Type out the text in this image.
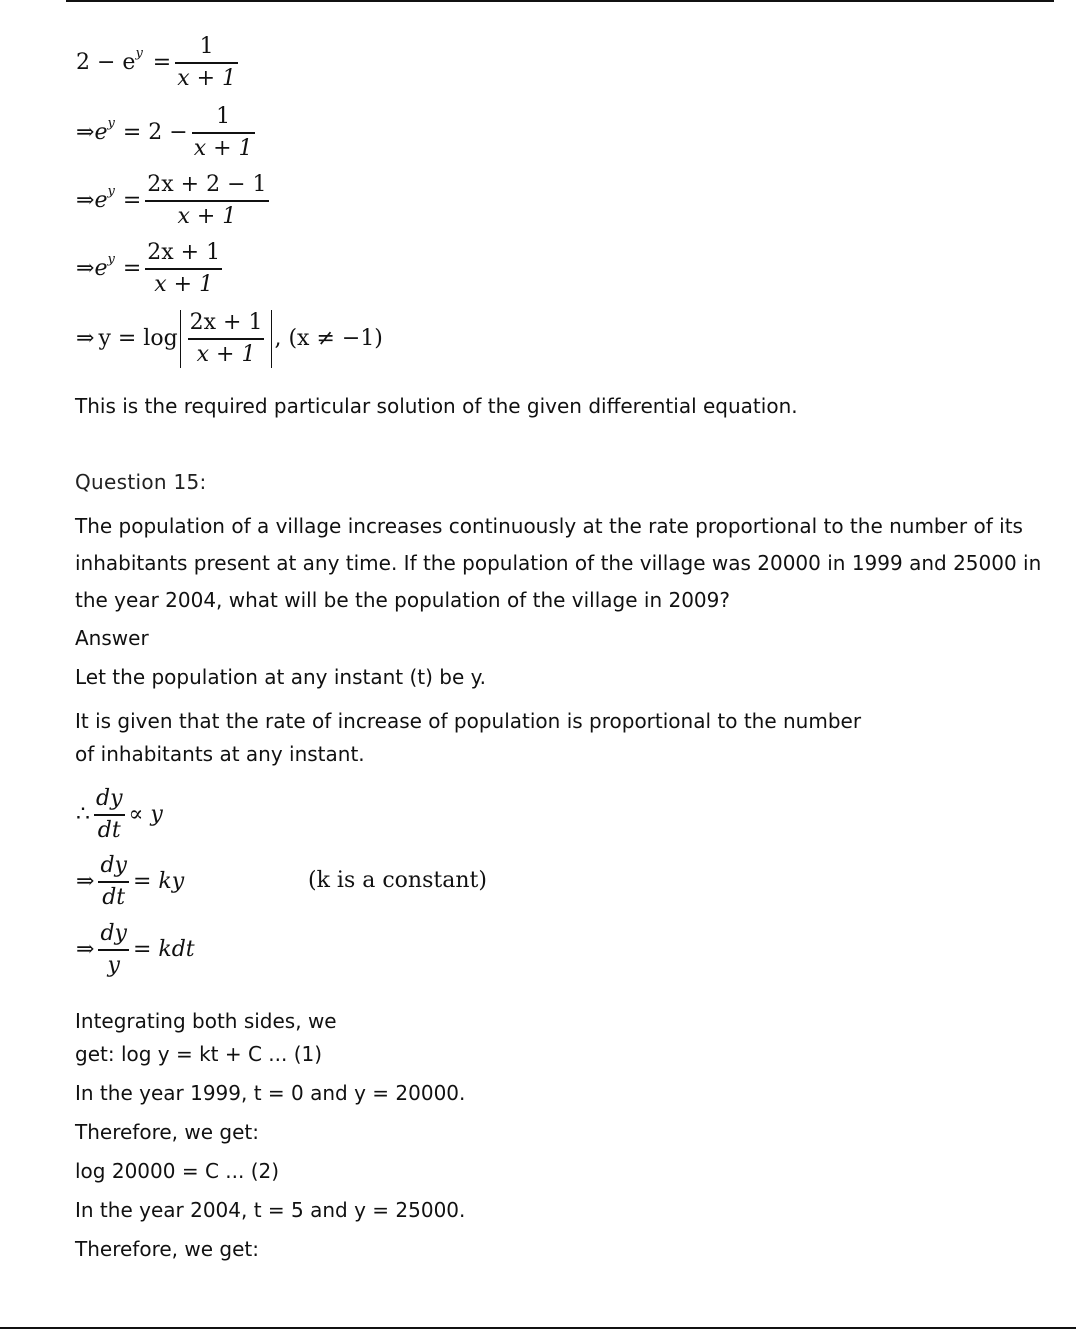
2 − e $y = \frac{1}{x + 1}$
⇒ e $y = 2 - \frac{1}{x + 1}$
⇒ e $y = \frac{2x + 2 - 1}{x + 1}$
⇒ e $y = \frac{2x + 1}{x + 1}$
⇒ $y = \log \frac{2x + 1}{x + 1}$ , (x ≠ −1)
This is the required particular solution of the given differential equation.
Question 15:
The population of a village increases continuously at the rate proportional to the number of its inhabitants present at any time. If the population of the village was 20000 in 1999 and 25000 in the year 2004, what will be the population of the village in 2009?
Answer
Let the population at any instant (t) be y.
It is given that the rate of increase of population is proportional to the number
of inhabitants at any instant.
∴ $\frac{dy}{dt} \propto y$
⇒ $\frac{dy}{dt}$ = ky	(k is a constant)
⇒ $\frac{dy}{y}$ = kdt
Integrating both sides, we
get: log y = kt + C ... (1)
In the year 1999, t = 0 and y = 20000.
Therefore, we get:
log 20000 = C ... (2)
In the year 2004, t = 5 and y = 25000.
Therefore, we get:
